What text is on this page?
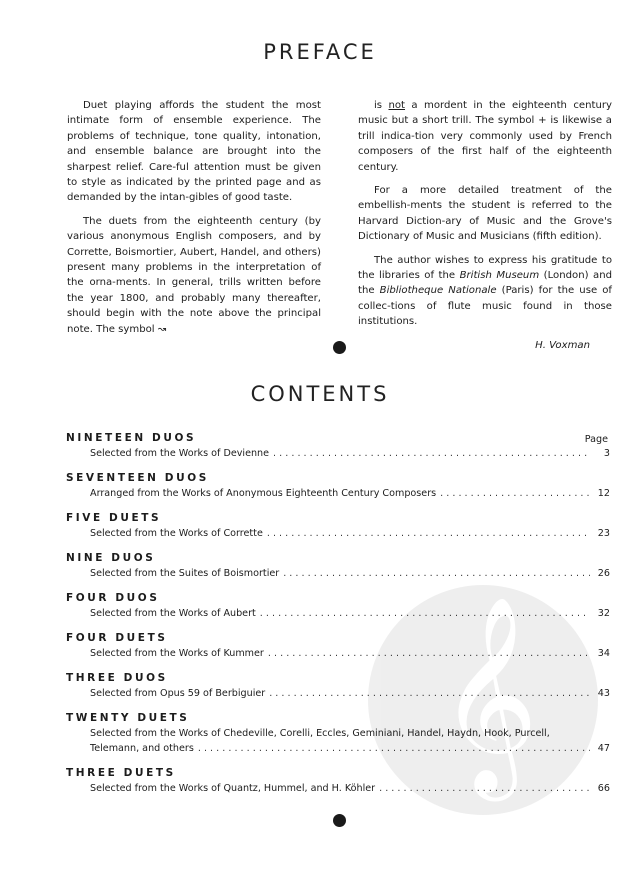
𝄞
PREFACE

Duet playing affords the student the most intimate form of ensemble experience. The problems of technique, tone quality, intonation, and ensemble balance are brought into the sharpest relief. Care-ful attention must be given to style as indicated by the printed page and as demanded by the intan-gibles of good taste.

The duets from the eighteenth century (by various anonymous English composers, and by Corrette, Boismortier, Aubert, Handel, and others) present many problems in the interpretation of the orna-ments. In general, trills written before the year 1800, and probably many thereafter, should begin with the note above the principal note. The symbol ↝

is not a mordent in the eighteenth century music but a short trill. The symbol + is likewise a trill indica-tion very commonly used by French composers of the first half of the eighteenth century.

For a more detailed treatment of the embellish-ments the student is referred to the Harvard Diction-ary of Music and the Grove's Dictionary of Music and Musicians (fifth edition).

The author wishes to express his gratitude to the libraries of the British Museum (London) and the Bibliotheque Nationale (Paris) for the use of collec-tions of flute music found in those institutions.

H. Voxman

CONTENTS
NINETEEN DUOS	Page
Selected from the Works of Devienne . . .	3
SEVENTEEN DUOS
Arranged from the Works of Anonymous Eighteenth Century Composers . . .	12
FIVE DUETS
Selected from the Works of Corrette . . .	23
NINE DUOS
Selected from the Suites of Boismortier . . .	26
FOUR DUOS
Selected from the Works of Aubert . . .	32
FOUR DUETS
Selected from the Works of Kummer . . .	34
THREE DUOS
Selected from Opus 59 of Berbiguier . . .	43
TWENTY DUETS
Selected from the Works of Chedeville, Corelli, Eccles, Geminiani, Handel, Haydn, Hook, Purcell,
Telemann, and others . . .	47
THREE DUETS
Selected from the Works of Quantz, Hummel, and H. Köhler . . .	66
